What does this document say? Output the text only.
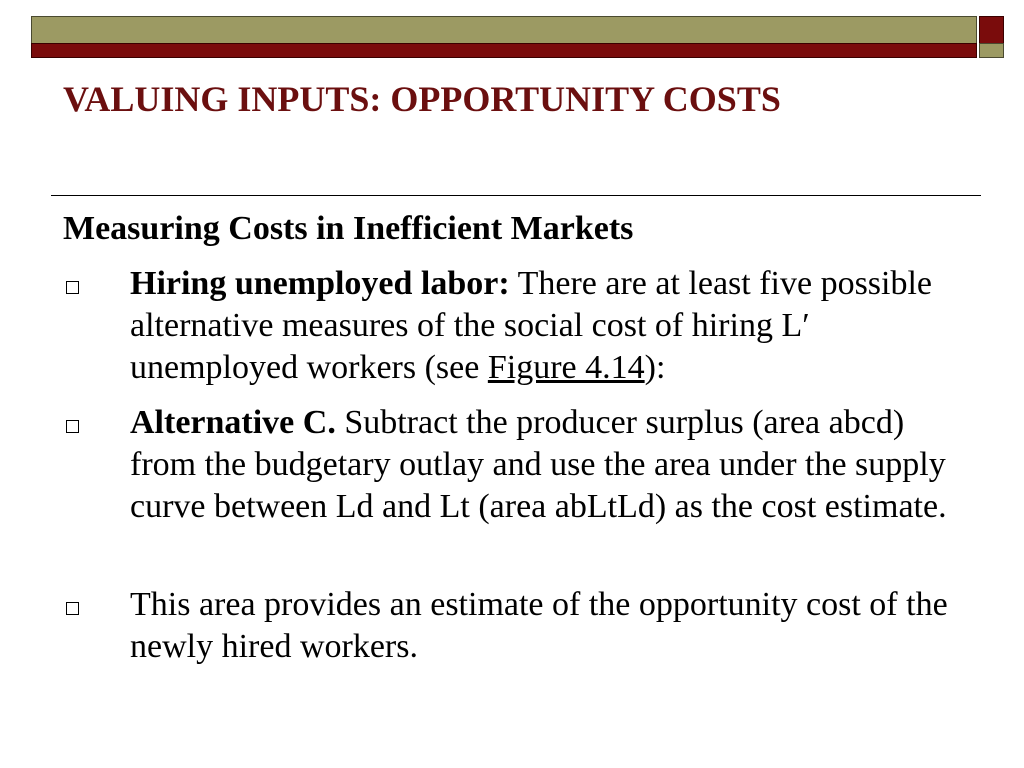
VALUING INPUTS: OPPORTUNITY COSTS
Measuring Costs in Inefficient Markets
Hiring unemployed labor: There are at least five possible alternative measures of the social cost of hiring L′ unemployed workers (see Figure 4.14):
Alternative C. Subtract the producer surplus (area abcd) from the budgetary outlay and use the area under the supply curve between Ld and Lt (area abLtLd) as the cost estimate.
This area provides an estimate of the opportunity cost of the newly hired workers.
